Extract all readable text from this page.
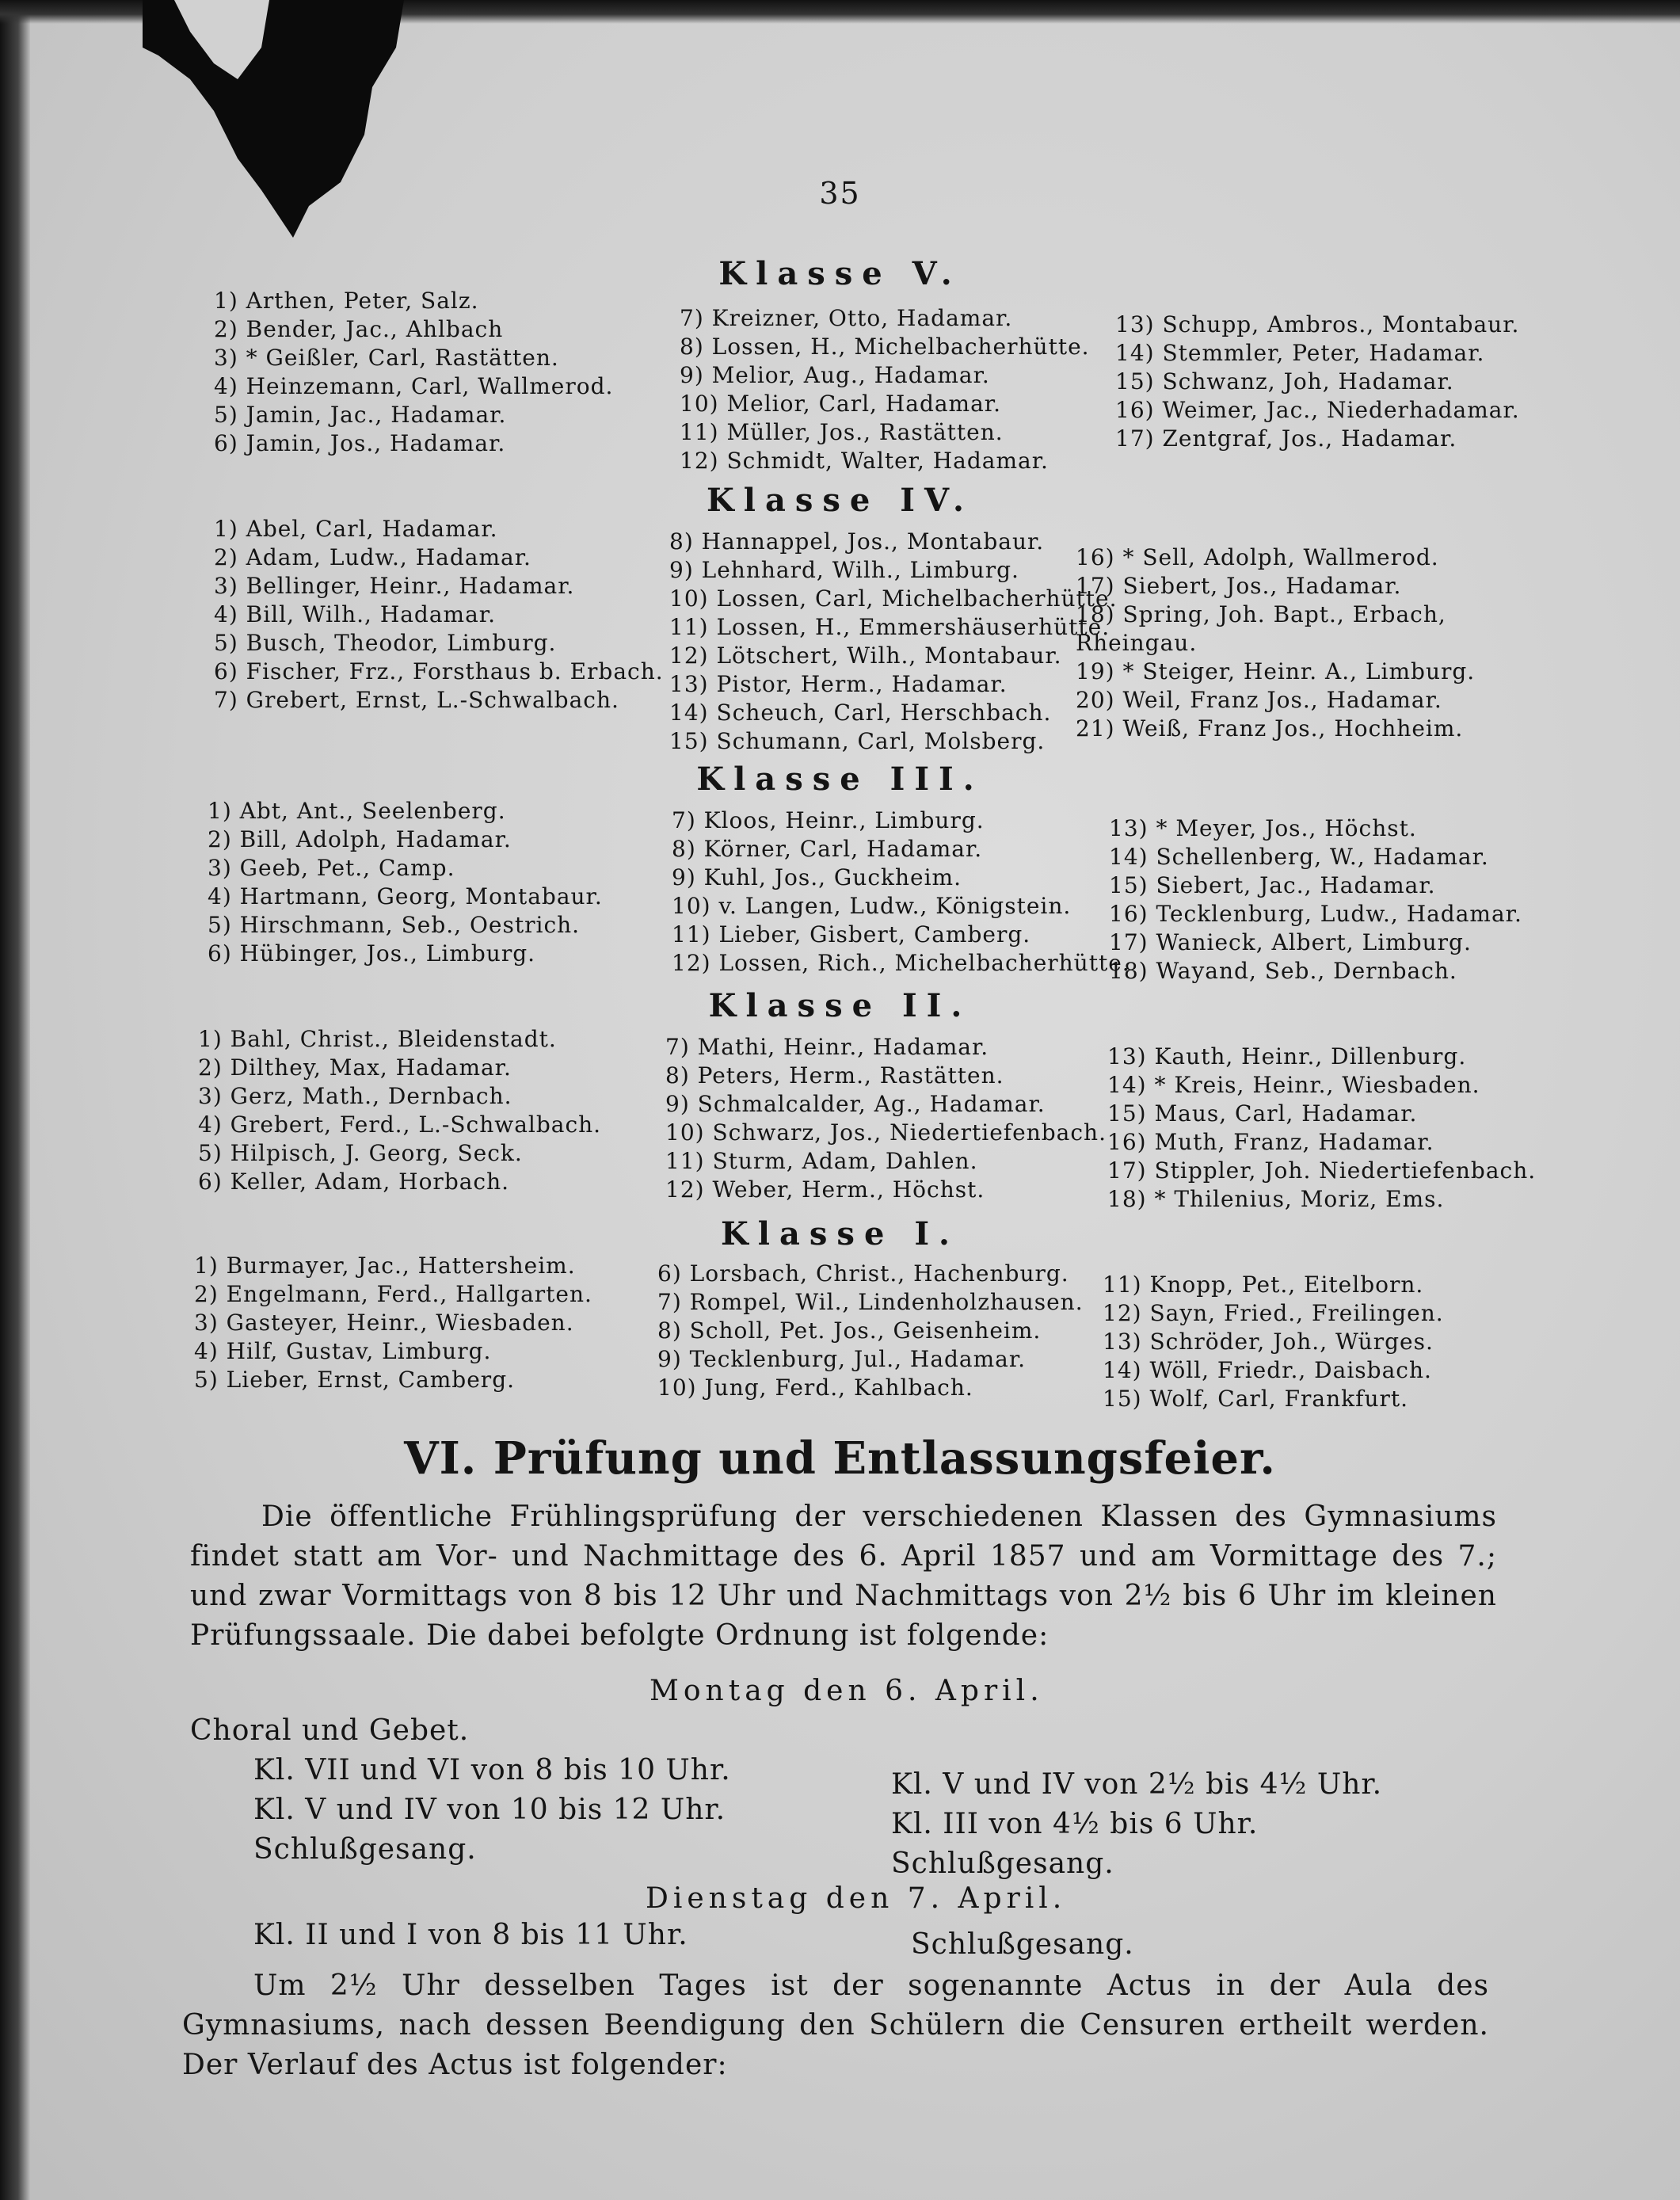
35
Klasse V.
1) Arthen, Peter, Salz.
2) Bender, Jac., Ahlbach
3) * Geißler, Carl, Rastätten.
4) Heinzemann, Carl, Wallmerod.
5) Jamin, Jac., Hadamar.
6) Jamin, Jos., Hadamar.
7) Kreizner, Otto, Hadamar.
8) Lossen, H., Michelbacherhütte.
9) Melior, Aug., Hadamar.
10) Melior, Carl, Hadamar.
11) Müller, Jos., Rastätten.
12) Schmidt, Walter, Hadamar.
13) Schupp, Ambros., Montabaur.
14) Stemmler, Peter, Hadamar.
15) Schwanz, Joh, Hadamar.
16) Weimer, Jac., Niederhadamar.
17) Zentgraf, Jos., Hadamar.
Klasse IV.
1) Abel, Carl, Hadamar.
2) Adam, Ludw., Hadamar.
3) Bellinger, Heinr., Hadamar.
4) Bill, Wilh., Hadamar.
5) Busch, Theodor, Limburg.
6) Fischer, Frz., Forsthaus b. Erbach.
7) Grebert, Ernst, L.-Schwalbach.
8) Hannappel, Jos., Montabaur.
9) Lehnhard, Wilh., Limburg.
10) Lossen, Carl, Michelbacherhütte.
11) Lossen, H., Emmershäuserhütte.
12) Lötschert, Wilh., Montabaur.
13) Pistor, Herm., Hadamar.
14) Scheuch, Carl, Herschbach.
15) Schumann, Carl, Molsberg.
16) * Sell, Adolph, Wallmerod.
17) Siebert, Jos., Hadamar.
18) Spring, Joh. Bapt., Erbach, Rheingau.
19) * Steiger, Heinr. A., Limburg.
20) Weil, Franz Jos., Hadamar.
21) Weiß, Franz Jos., Hochheim.
Klasse III.
1) Abt, Ant., Seelenberg.
2) Bill, Adolph, Hadamar.
3) Geeb, Pet., Camp.
4) Hartmann, Georg, Montabaur.
5) Hirschmann, Seb., Oestrich.
6) Hübinger, Jos., Limburg.
7) Kloos, Heinr., Limburg.
8) Körner, Carl, Hadamar.
9) Kuhl, Jos., Guckheim.
10) v. Langen, Ludw., Königstein.
11) Lieber, Gisbert, Camberg.
12) Lossen, Rich., Michelbacherhütte.
13) * Meyer, Jos., Höchst.
14) Schellenberg, W., Hadamar.
15) Siebert, Jac., Hadamar.
16) Tecklenburg, Ludw., Hadamar.
17) Wanieck, Albert, Limburg.
18) Wayand, Seb., Dernbach.
Klasse II.
1) Bahl, Christ., Bleidenstadt.
2) Dilthey, Max, Hadamar.
3) Gerz, Math., Dernbach.
4) Grebert, Ferd., L.-Schwalbach.
5) Hilpisch, J. Georg, Seck.
6) Keller, Adam, Horbach.
7) Mathi, Heinr., Hadamar.
8) Peters, Herm., Rastätten.
9) Schmalcalder, Ag., Hadamar.
10) Schwarz, Jos., Niedertiefenbach.
11) Sturm, Adam, Dahlen.
12) Weber, Herm., Höchst.
13) Kauth, Heinr., Dillenburg.
14) * Kreis, Heinr., Wiesbaden.
15) Maus, Carl, Hadamar.
16) Muth, Franz, Hadamar.
17) Stippler, Joh. Niedertiefenbach.
18) * Thilenius, Moriz, Ems.
Klasse I.
1) Burmayer, Jac., Hattersheim.
2) Engelmann, Ferd., Hallgarten.
3) Gasteyer, Heinr., Wiesbaden.
4) Hilf, Gustav, Limburg.
5) Lieber, Ernst, Camberg.
6) Lorsbach, Christ., Hachenburg.
7) Rompel, Wil., Lindenholzhausen.
8) Scholl, Pet. Jos., Geisenheim.
9) Tecklenburg, Jul., Hadamar.
10) Jung, Ferd., Kahlbach.
11) Knopp, Pet., Eitelborn.
12) Sayn, Fried., Freilingen.
13) Schröder, Joh., Würges.
14) Wöll, Friedr., Daisbach.
15) Wolf, Carl, Frankfurt.
VI. Prüfung und Entlassungsfeier.
Die öffentliche Frühlingsprüfung der verschiedenen Klassen des Gymnasiums findet statt am Vor- und Nachmittage des 6. April 1857 und am Vormittage des 7.; und zwar Vormittags von 8 bis 12 Uhr und Nachmittags von 2½ bis 6 Uhr im kleinen Prüfungssaale. Die dabei befolgte Ordnung ist folgende:
Montag den 6. April.
Choral und Gebet.
Kl. VII und VI von 8 bis 10 Uhr.
Kl. V und IV von 10 bis 12 Uhr.
Schlußgesang.
Kl. V und IV von 2½ bis 4½ Uhr.
Kl. III von 4½ bis 6 Uhr.
Schlußgesang.
Dienstag den 7. April.
Kl. II und I von 8 bis 11 Uhr.	Schlußgesang.
Um 2½ Uhr desselben Tages ist der sogenannte Actus in der Aula des Gymnasiums, nach dessen Beendigung den Schülern die Censuren ertheilt werden. Der Verlauf des Actus ist folgender:
